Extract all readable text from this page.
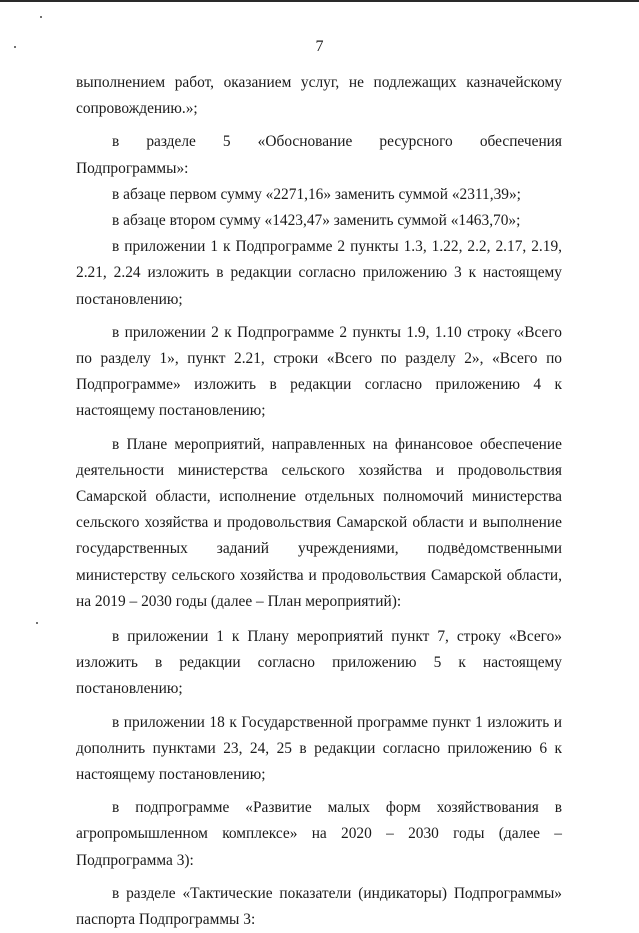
7

выполнением работ, оказанием услуг, не подлежащих казначейскому сопровождению.»;

в разделе 5 «Обоснование ресурсного обеспечения Подпрограммы»:

в абзаце первом сумму «2271,16» заменить суммой «2311,39»;

в абзаце втором сумму «1423,47» заменить суммой «1463,70»;

в приложении 1 к Подпрограмме 2 пункты 1.3, 1.22, 2.2, 2.17, 2.19, 2.21, 2.24 изложить в редакции согласно приложению 3 к настоящему постановлению;

в приложении 2 к Подпрограмме 2 пункты 1.9, 1.10 строку «Всего по разделу 1», пункт 2.21, строки «Всего по разделу 2», «Всего по Подпрограмме» изложить в редакции согласно приложению 4 к настоящему постановлению;

в Плане мероприятий, направленных на финансовое обеспечение деятельности министерства сельского хозяйства и продовольствия Самарской области, исполнение отдельных полномочий министерства сельского хозяйства и продовольствия Самарской области и выполнение государственных заданий учреждениями, подведомственными министерству сельского хозяйства и продовольствия Самарской области, на 2019 – 2030 годы (далее – План мероприятий):

в приложении 1 к Плану мероприятий пункт 7, строку «Всего» изложить в редакции согласно приложению 5 к настоящему постановлению;

в приложении 18 к Государственной программе пункт 1 изложить и дополнить пунктами 23, 24, 25 в редакции согласно приложению 6 к настоящему постановлению;

в подпрограмме «Развитие малых форм хозяйствования в агропромышленном комплексе» на 2020 – 2030 годы (далее – Подпрограмма 3):

в разделе «Тактические показатели (индикаторы) Подпрограммы» паспорта Подпрограммы 3:
